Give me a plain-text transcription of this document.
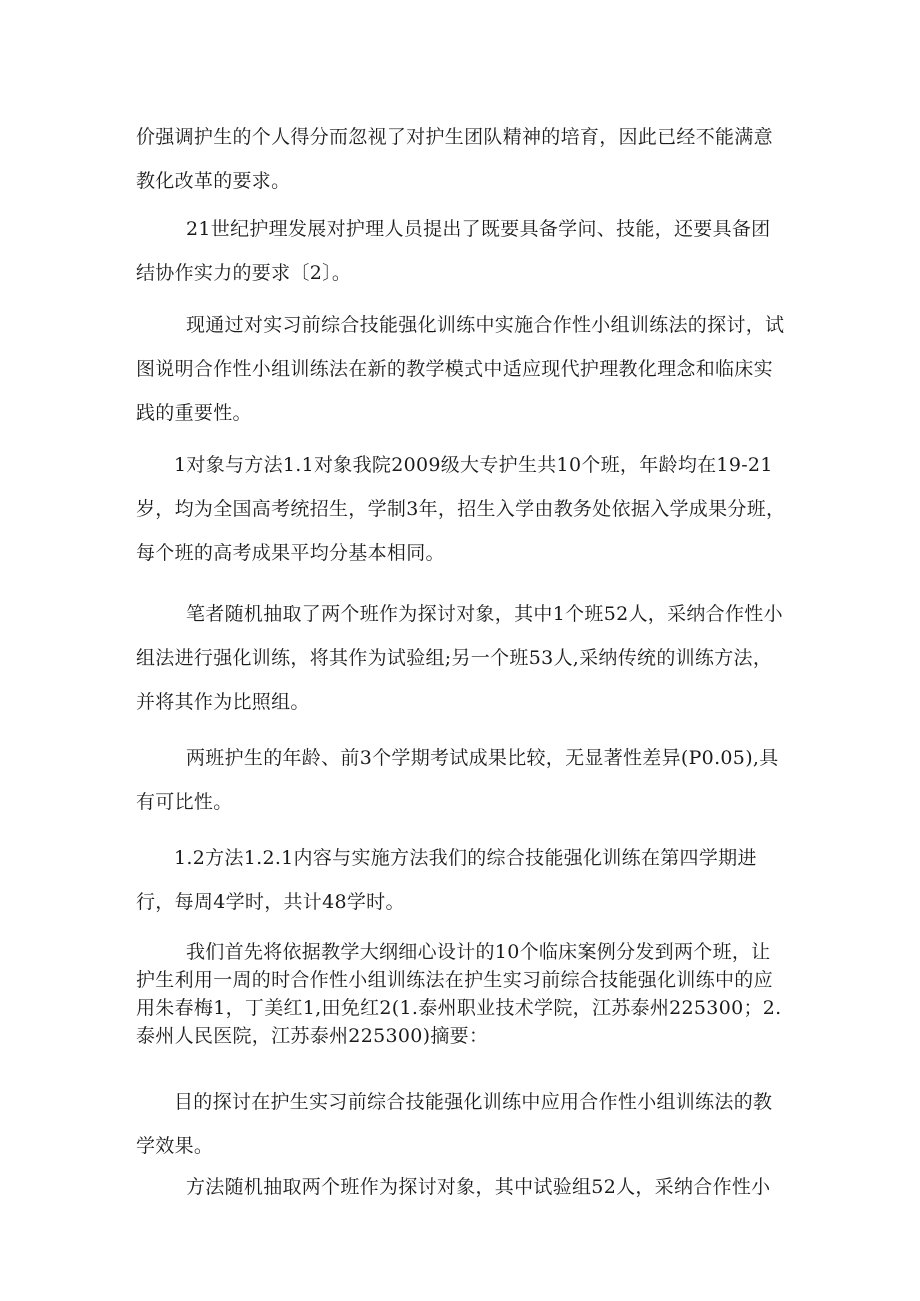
价强调护生的个人得分而忽视了对护生团队精神的培育，因此已经不能满意教化改革的要求。

21世纪护理发展对护理人员提出了既要具备学问、技能，还要具备团结协作实力的要求〔2〕。

现通过对实习前综合技能强化训练中实施合作性小组训练法的探讨，试图说明合作性小组训练法在新的教学模式中适应现代护理教化理念和临床实践的重要性。

1对象与方法1.1对象我院2009级大专护生共10个班，年龄均在19-21岁，均为全国高考统招生，学制3年，招生入学由教务处依据入学成果分班，每个班的高考成果平均分基本相同。

笔者随机抽取了两个班作为探讨对象，其中1个班52人，采纳合作性小组法进行强化训练，将其作为试验组;另一个班53人,采纳传统的训练方法，并将其作为比照组。

两班护生的年龄、前3个学期考试成果比较，无显著性差异(P0.05),具有可比性。

1.2方法1.2.1内容与实施方法我们的综合技能强化训练在第四学期进行，每周4学时，共计48学时。

我们首先将依据教学大纲细心设计的10个临床案例分发到两个班，让护生利用一周的时合作性小组训练法在护生实习前综合技能强化训练中的应用朱春梅1，丁美红1,田免红2(1.泰州职业技术学院，江苏泰州225300；2.泰州人民医院，江苏泰州225300)摘要：

目的探讨在护生实习前综合技能强化训练中应用合作性小组训练法的教学效果。

方法随机抽取两个班作为探讨对象，其中试验组52人，采纳合作性小
